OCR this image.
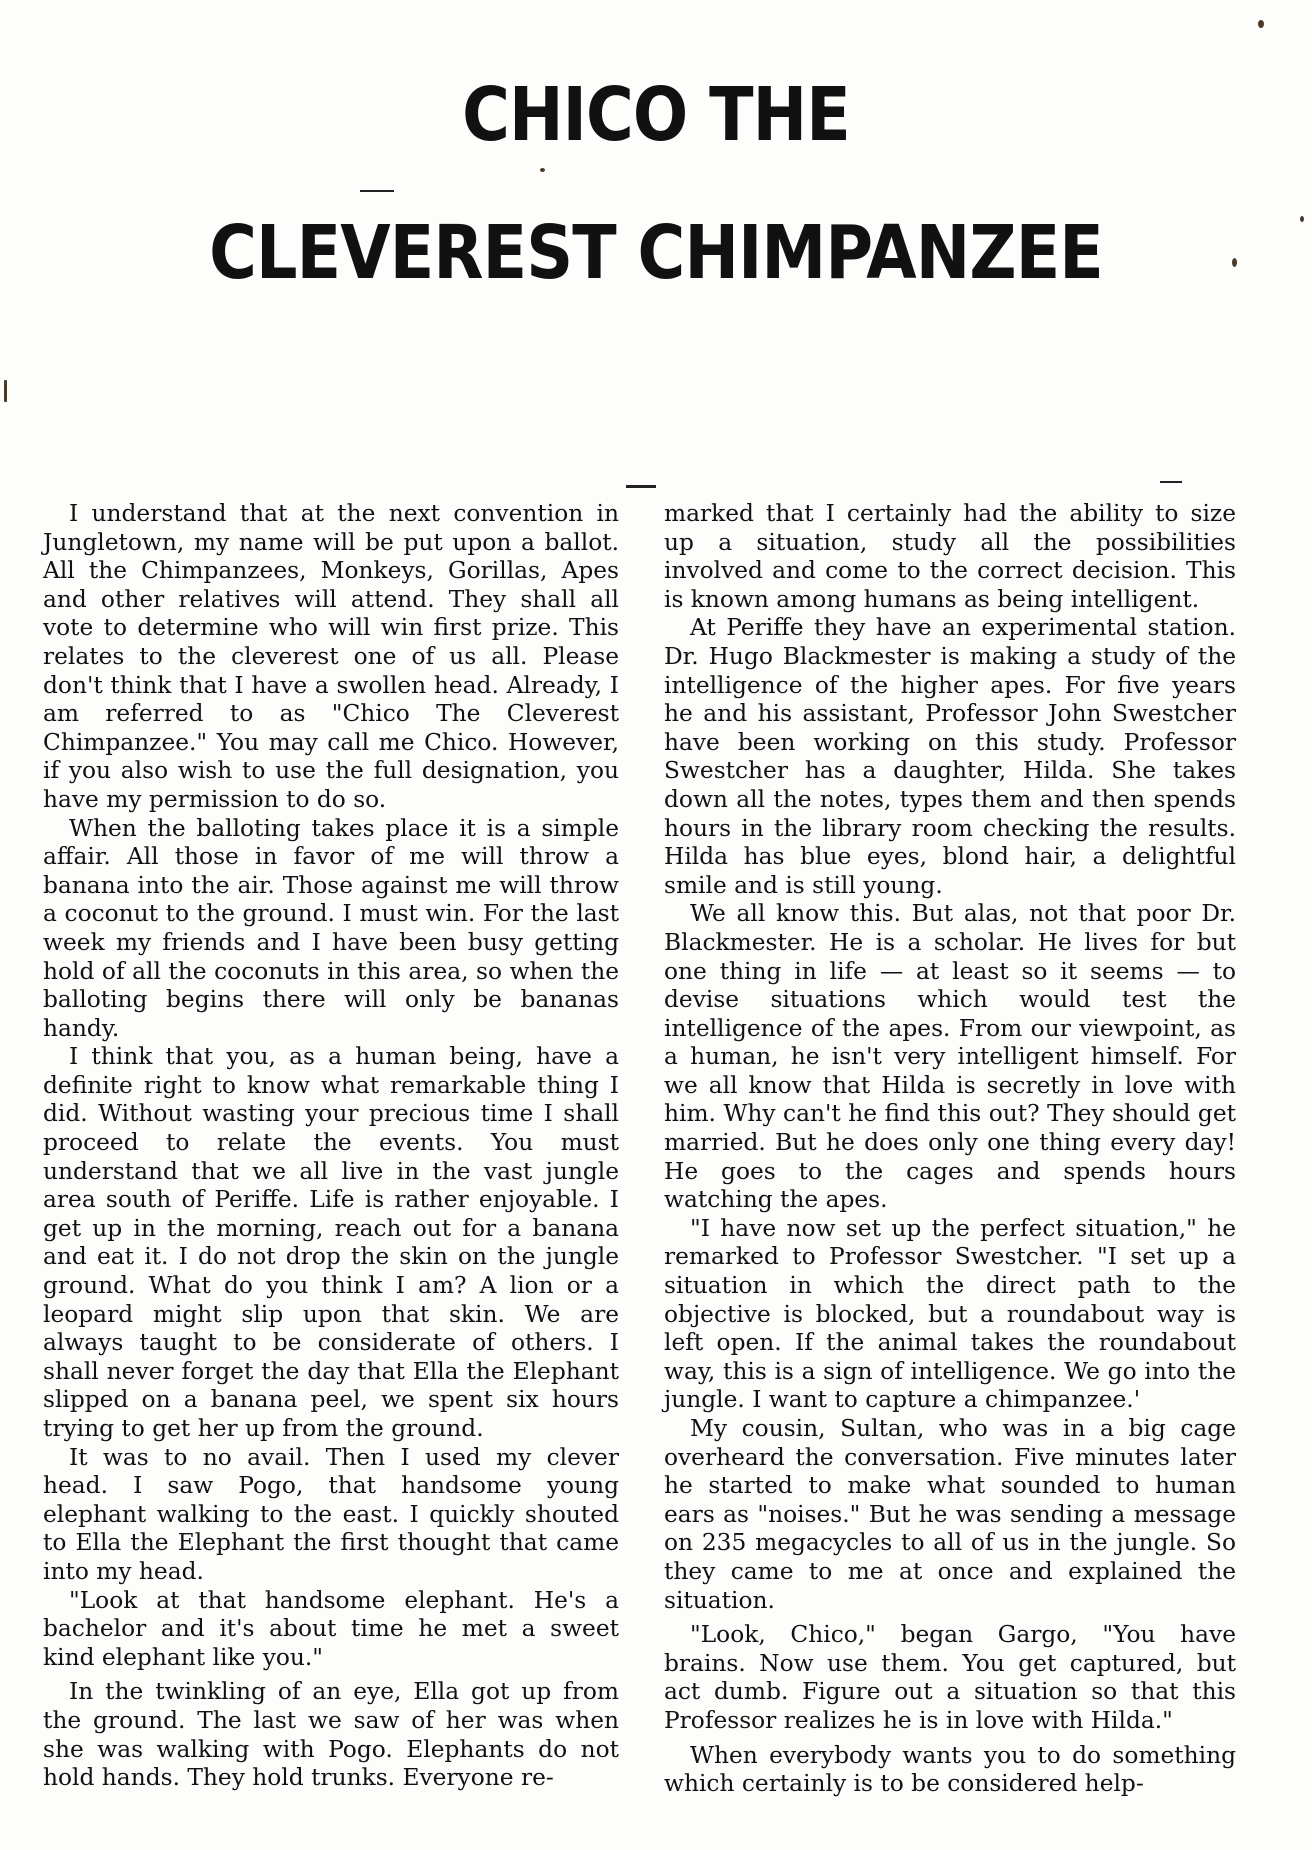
CHICO THE
CLEVEREST CHIMPANZEE

I understand that at the next convention in Jungletown, my name will be put upon a ballot. All the Chimpanzees, Monkeys, Gorillas, Apes and other relatives will attend. They shall all vote to determine who will win first prize. This relates to the cleverest one of us all. Please don't think that I have a swollen head. Already, I am referred to as "Chico The Cleverest Chimpanzee." You may call me Chico. However, if you also wish to use the full designation, you have my permission to do so.

When the balloting takes place it is a simple affair. All those in favor of me will throw a banana into the air. Those against me will throw a coconut to the ground. I must win. For the last week my friends and I have been busy getting hold of all the coconuts in this area, so when the balloting begins there will only be bananas handy.

I think that you, as a human being, have a definite right to know what remarkable thing I did. Without wasting your precious time I shall proceed to relate the events. You must understand that we all live in the vast jungle area south of Periffe. Life is rather enjoyable. I get up in the morning, reach out for a banana and eat it. I do not drop the skin on the jungle ground. What do you think I am? A lion or a leopard might slip upon that skin. We are always taught to be considerate of others. I shall never forget the day that Ella the Elephant slipped on a banana peel, we spent six hours trying to get her up from the ground.

It was to no avail. Then I used my clever head. I saw Pogo, that handsome young elephant walking to the east. I quickly shouted to Ella the Elephant the first thought that came into my head.

"Look at that handsome elephant. He's a bachelor and it's about time he met a sweet kind elephant like you."

In the twinkling of an eye, Ella got up from the ground. The last we saw of her was when she was walking with Pogo. Elephants do not hold hands. They hold trunks. Everyone re-

marked that I certainly had the ability to size up a situation, study all the possibilities involved and come to the correct decision. This is known among humans as being intelligent.

At Periffe they have an experimental station. Dr. Hugo Blackmester is making a study of the intelligence of the higher apes. For five years he and his assistant, Professor John Swestcher have been working on this study. Professor Swestcher has a daughter, Hilda. She takes down all the notes, types them and then spends hours in the library room checking the results. Hilda has blue eyes, blond hair, a delightful smile and is still young.

We all know this. But alas, not that poor Dr. Blackmester. He is a scholar. He lives for but one thing in life — at least so it seems — to devise situations which would test the intelligence of the apes. From our viewpoint, as a human, he isn't very intelligent himself. For we all know that Hilda is secretly in love with him. Why can't he find this out? They should get married. But he does only one thing every day! He goes to the cages and spends hours watching the apes.

"I have now set up the perfect situation," he remarked to Professor Swestcher. "I set up a situation in which the direct path to the objective is blocked, but a roundabout way is left open. If the animal takes the roundabout way, this is a sign of intelligence. We go into the jungle. I want to capture a chimpanzee.'

My cousin, Sultan, who was in a big cage overheard the conversation. Five minutes later he started to make what sounded to human ears as "noises." But he was sending a message on 235 megacycles to all of us in the jungle. So they came to me at once and explained the situation.

"Look, Chico," began Gargo, "You have brains. Now use them. You get captured, but act dumb. Figure out a situation so that this Professor realizes he is in love with Hilda."

When everybody wants you to do something which certainly is to be considered help-
